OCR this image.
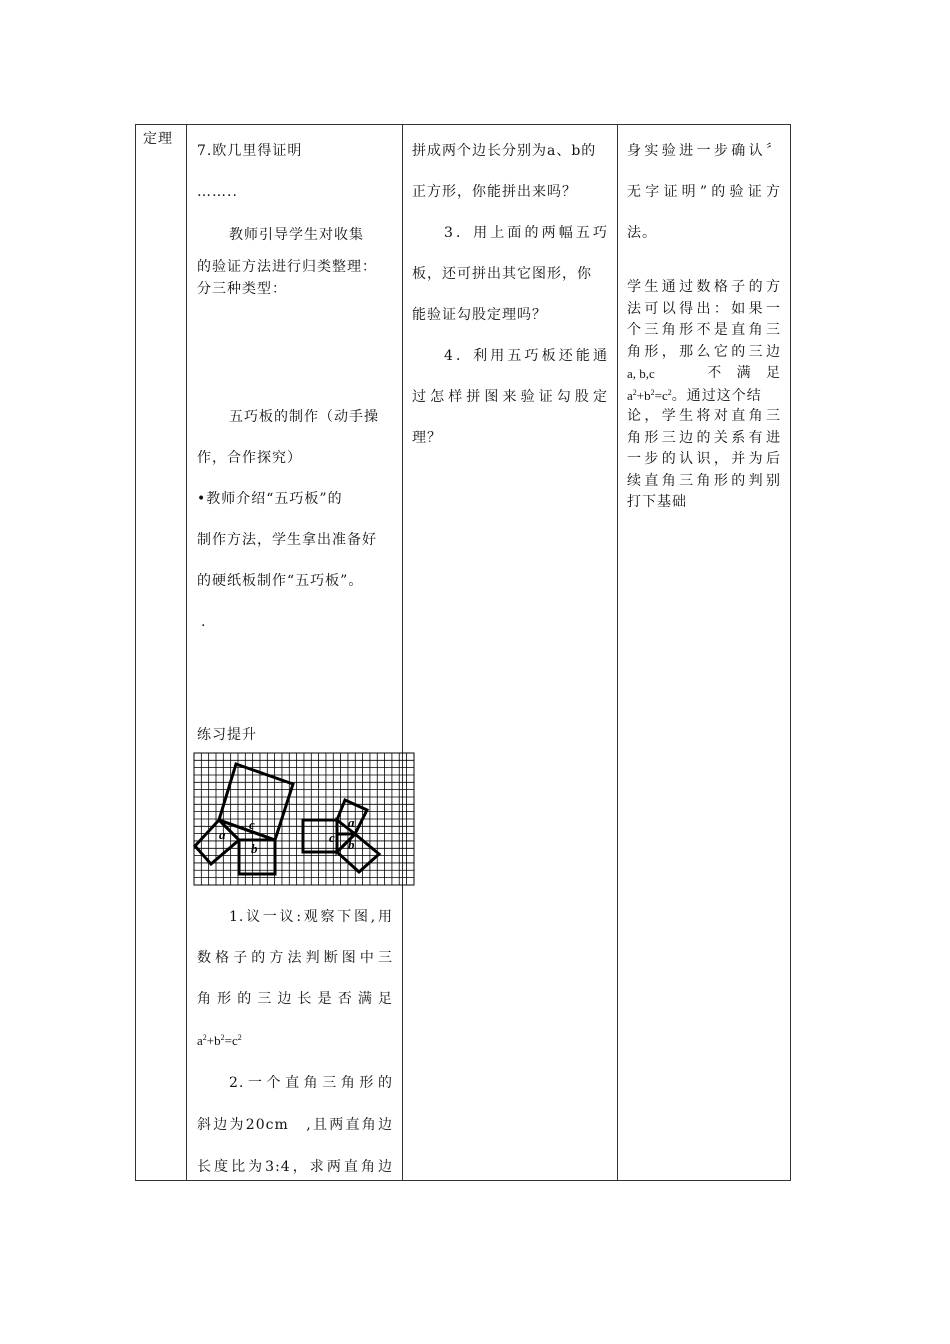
定理

7.欧几里得证明

……..

教师引导学生对收集

的验证方法进行归类整理：

分三种类型：

五巧板的制作（动手操

作，合作探究）

•教师介绍“五巧板”的

制作方法，学生拿出准备好

的硬纸板制作“五巧板”。

.

练习提升
a
c
b
c
a
b

1.议一议:观察下图,用

数格子的方法判断图中三

角形的三边长是否满足

$a^2+b^2=c^2$

2.一个直角三角形的

斜边为20cm　,且两直角边

长度比为3:4，求两直角边

拼成两个边长分别为a、b的

正方形，你能拼出来吗？

3．用上面的两幅五巧

板，还可拼出其它图形，你

能验证勾股定理吗？

4．利用五巧板还能通

过怎样拼图来验证勾股定

理？

身实验进一步确认〞

无字证明”的验证方

法。

学生通过数格子的方

法可以得出：如果一

个三角形不是直角三

角形，那么它的三边

a, b,c	不 满 足

$a^2+b^2=c^2$。通过这个结

论，学生将对直角三

角形三边的关系有进

一步的认识，并为后

续直角三角形的判别

打下基础
